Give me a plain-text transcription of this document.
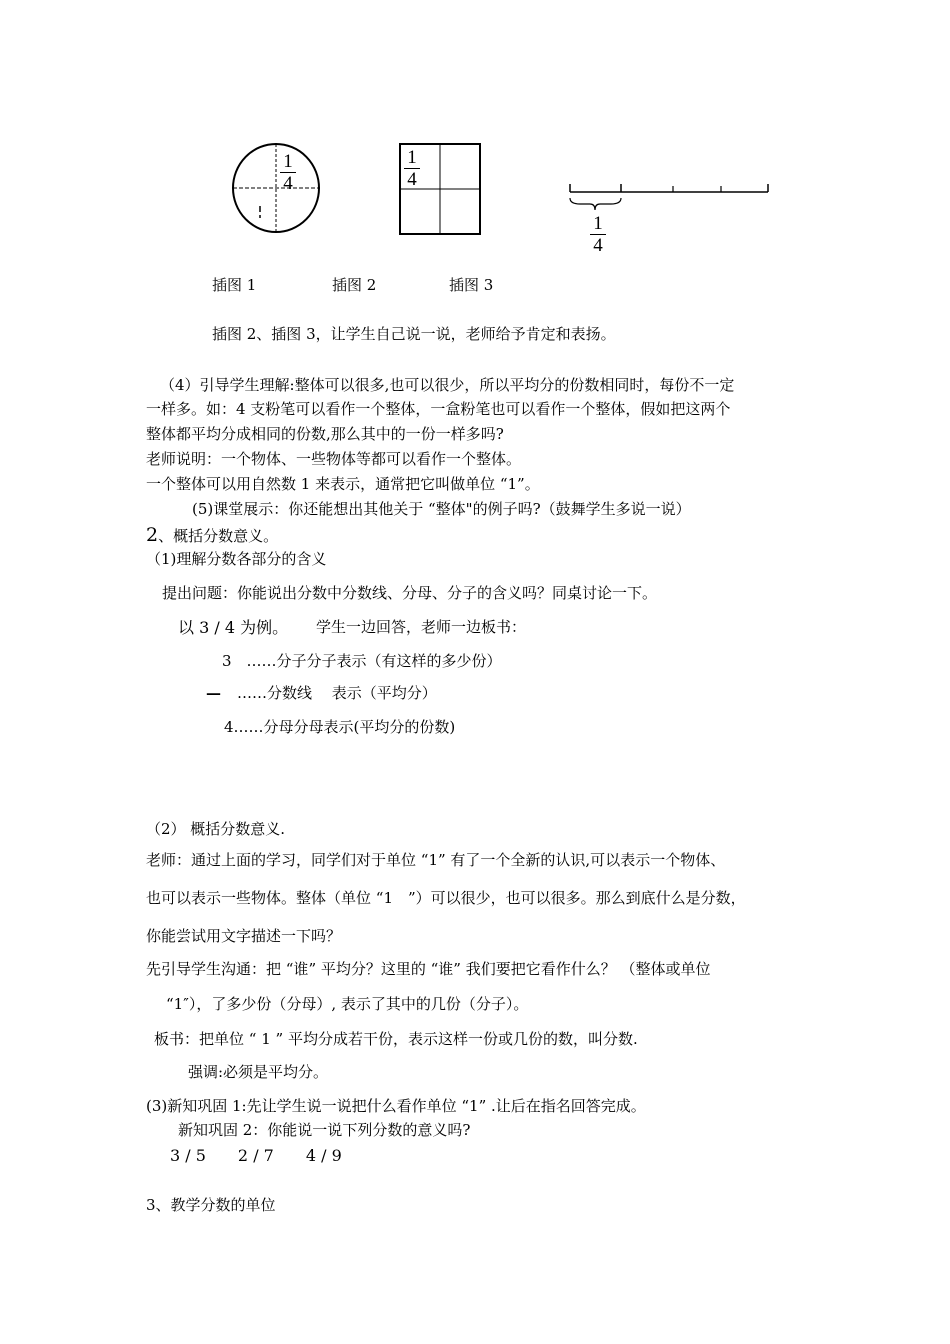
1
4
1
4
1
4
插图 1	插图 2	插图 3
插图 2、插图 3，让学生自己说一说，老师给予肯定和表扬。
（4）引导学生理解:整体可以很多,也可以很少，所以平均分的份数相同时，每份不一定
一样多。如：4 支粉笔可以看作一个整体，一盒粉笔也可以看作一个整体，假如把这两个
整体都平均分成相同的份数,那么其中的一份一样多吗?
老师说明：一个物体、一些物体等都可以看作一个整体。
一个整体可以用自然数 1 来表示，通常把它叫做单位 “1”。
(5)课堂展示：你还能想出其他关于 “整体"的例子吗?（鼓舞学生多说一说）
2、概括分数意义。
（1)理解分数各部分的含义
提出问题：你能说出分数中分数线、分母、分子的含义吗？同桌讨论一下。
以 3 / 4 为例。 学生一边回答，老师一边板书：
3　……分子分子表示（有这样的多少份）
— ……分数线　 表示（平均分）
4……分母分母表示(平均分的份数)
（2） 概括分数意义.
老师：通过上面的学习，同学们对于单位 “1” 有了一个全新的认识,可以表示一个物体、
也可以表示一些物体。整体（单位 “1　”）可以很少，也可以很多。那么到底什么是分数，
你能尝试用文字描述一下吗？
先引导学生沟通：把 “谁” 平均分？这里的 “谁” 我们要把它看作什么？ （整体或单位
“1″），了多少份（分母）, 表示了其中的几份（分子）。
板书：把单位 “ 1 ” 平均分成若干份，表示这样一份或几份的数，叫分数.
强调:必须是平均分。
(3)新知巩固 1:先让学生说一说把什么看作单位 “1” .让后在指名回答完成。
新知巩固 2：你能说一说下列分数的意义吗?
3 / 5　　2 / 7　　4 / 9
3、教学分数的单位
